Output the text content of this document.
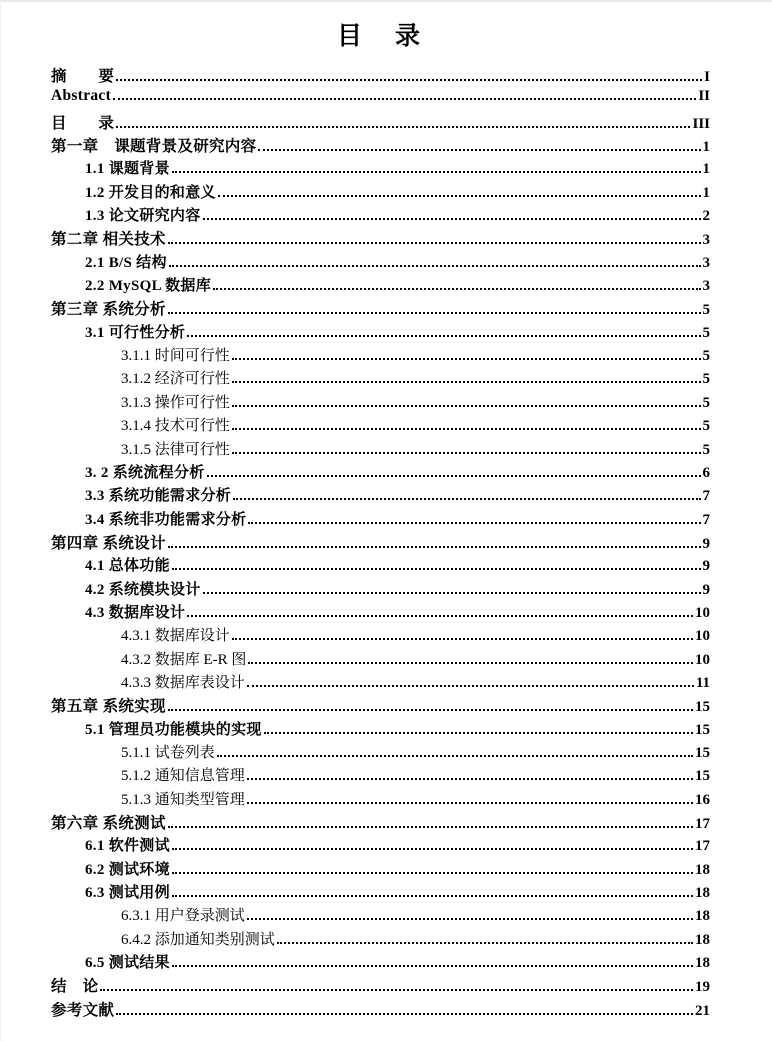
目　录
摘　　要	I
Abstract	II
目　　录	III
第一章　课题背景及研究内容	1
1.1 课题背景	1
1.2 开发目的和意义	1
1.3 论文研究内容	2
第二章 相关技术	3
2.1 B/S 结构	3
2.2 MySQL 数据库	3
第三章 系统分析	5
3.1 可行性分析	5
3.1.1 时间可行性	5
3.1.2 经济可行性	5
3.1.3 操作可行性	5
3.1.4 技术可行性	5
3.1.5 法律可行性	5
3. 2 系统流程分析	6
3.3 系统功能需求分析	7
3.4 系统非功能需求分析	7
第四章 系统设计	9
4.1 总体功能	9
4.2 系统模块设计	9
4.3 数据库设计	10
4.3.1 数据库设计	10
4.3.2 数据库 E-R 图	10
4.3.3 数据库表设计	11
第五章 系统实现	15
5.1 管理员功能模块的实现	15
5.1.1 试卷列表	15
5.1.2 通知信息管理	15
5.1.3 通知类型管理	16
第六章 系统测试	17
6.1 软件测试	17
6.2 测试环境	18
6.3 测试用例	18
6.3.1 用户登录测试	18
6.4.2 添加通知类别测试	18
6.5 测试结果	18
结　论	19
参考文献	21
